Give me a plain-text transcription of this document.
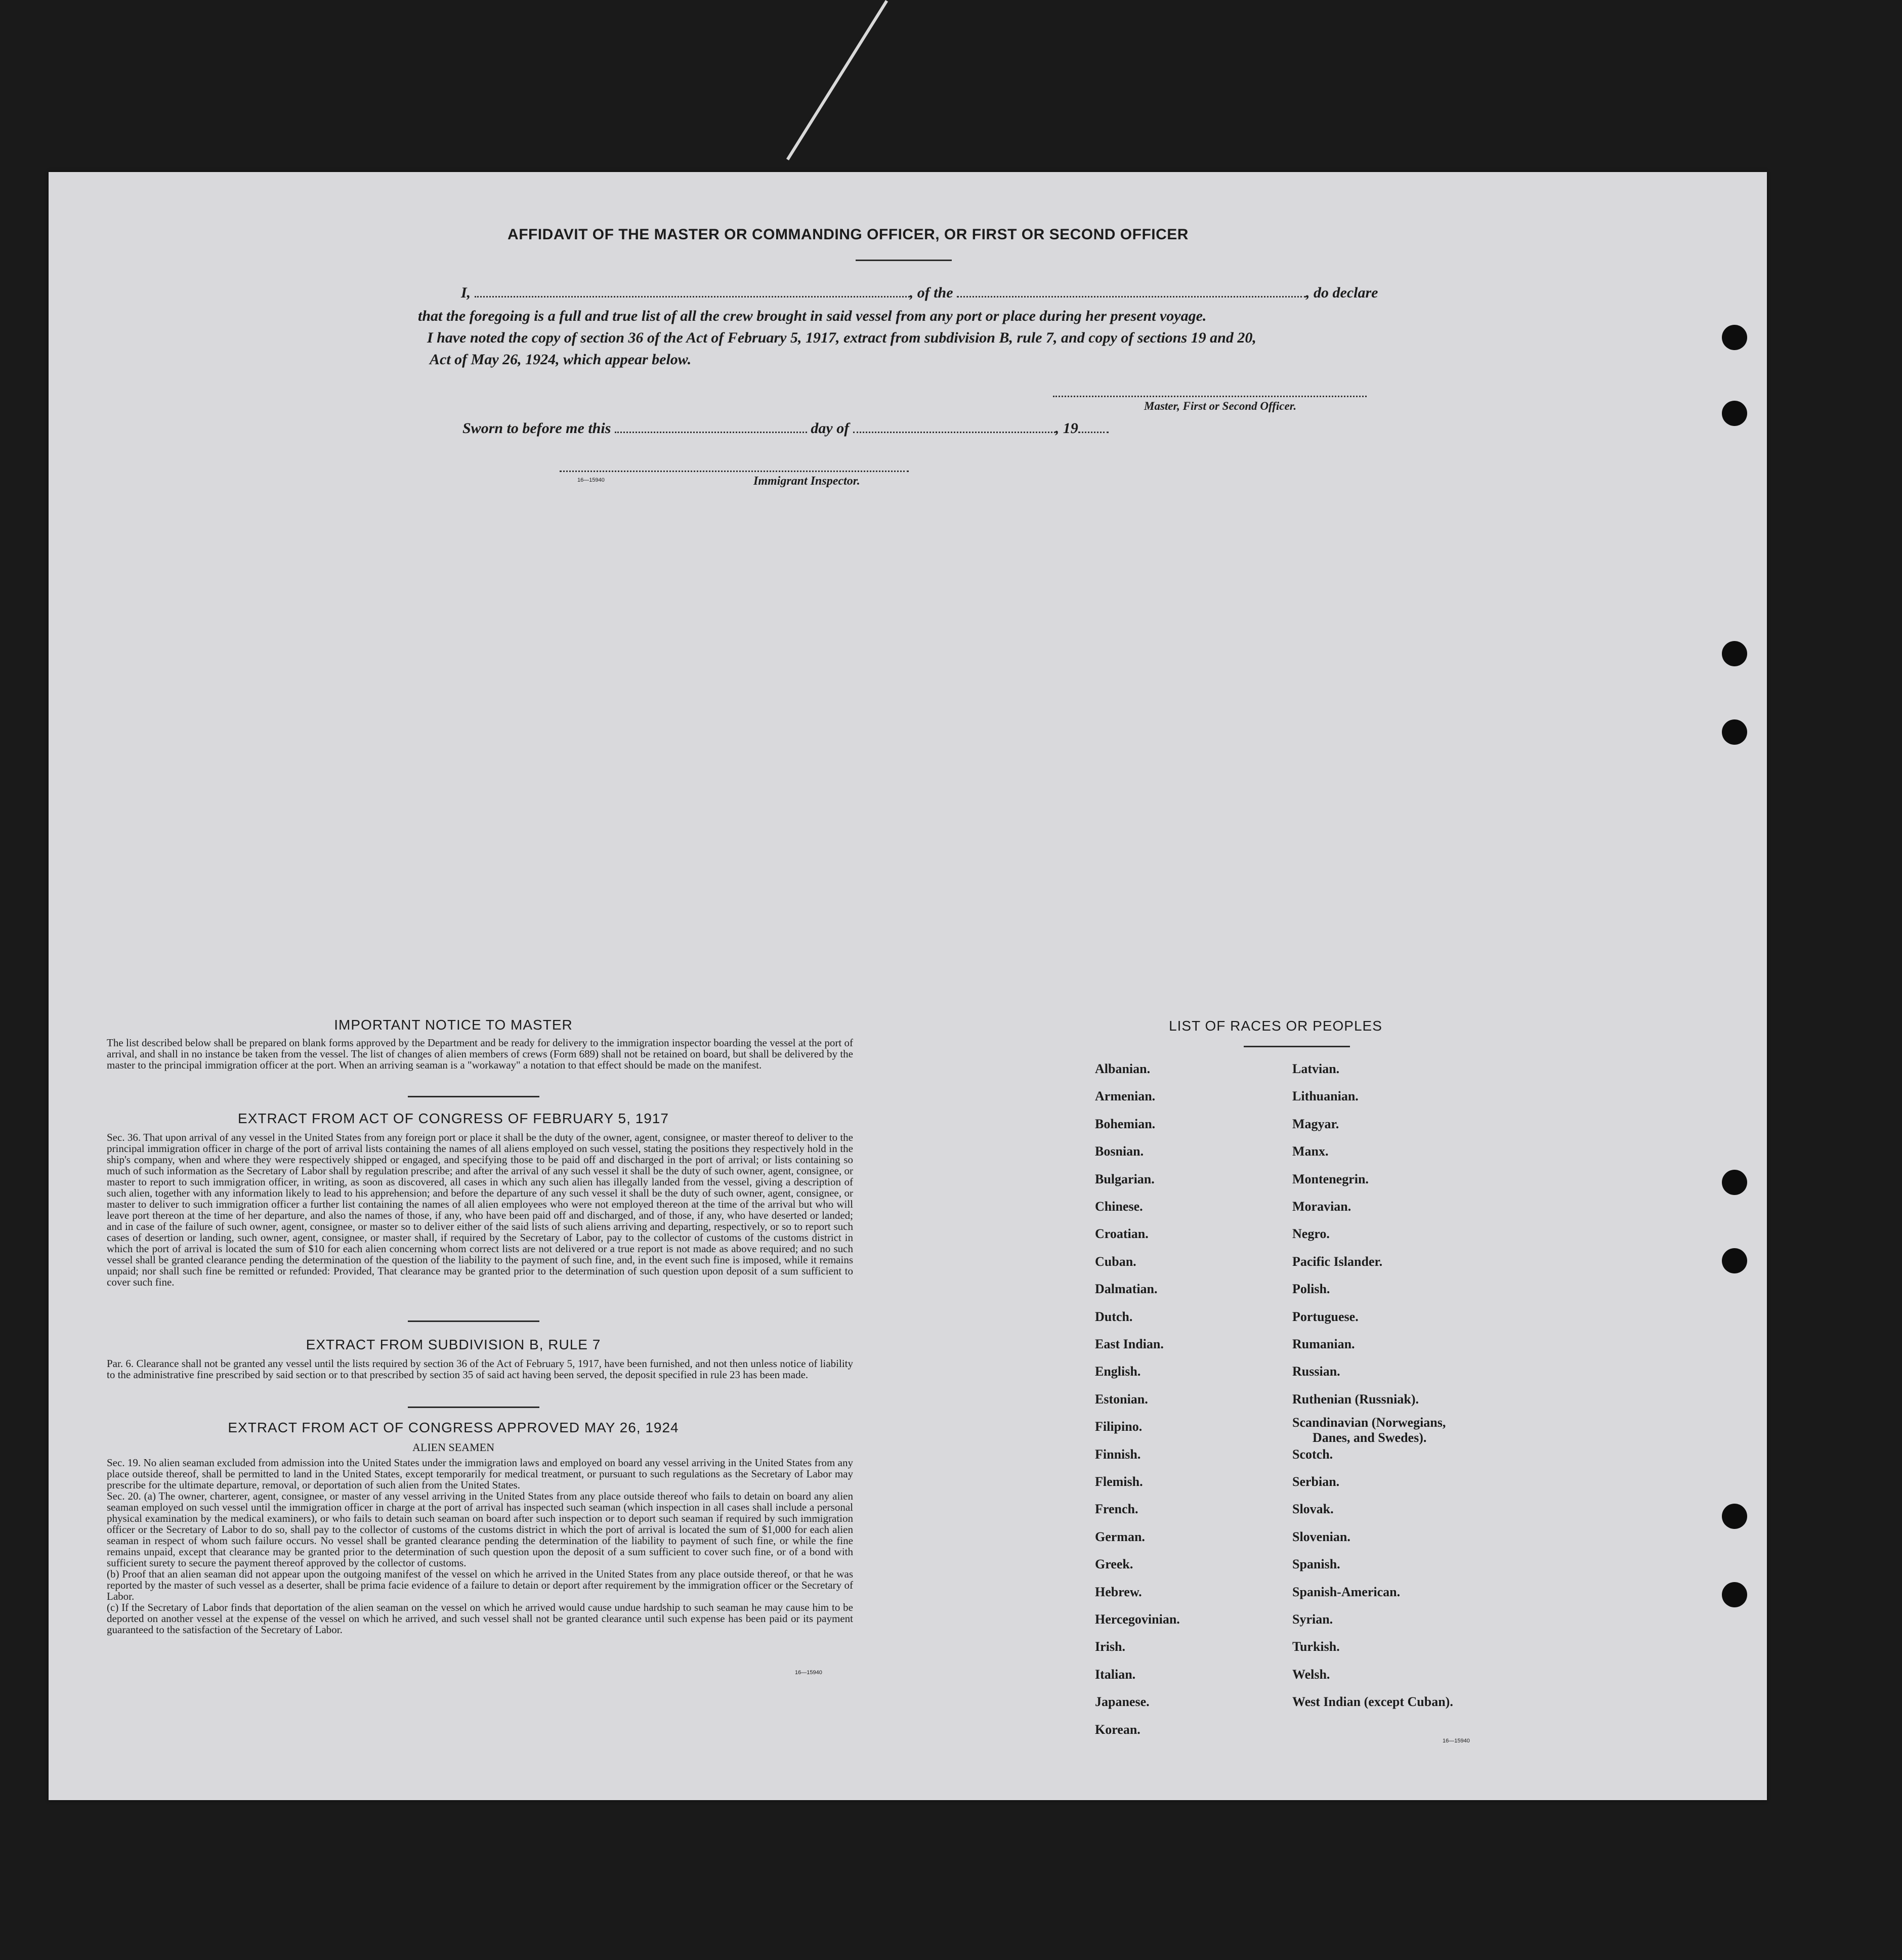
AFFIDAVIT OF THE MASTER OR COMMANDING OFFICER, OR FIRST OR SECOND OFFICER
I,	, of the	, do declare
that the foregoing is a full and true list of all the crew brought in said vessel from any port or place during her present voyage.
I have noted the copy of section 36 of the Act of February 5, 1917, extract from subdivision B, rule 7, and copy of sections 19 and 20,
Act of May 26, 1924, which appear below.
Master, First or Second Officer.
Sworn to before me this	day of	, 19
16—15940	Immigrant Inspector.
IMPORTANT NOTICE TO MASTER
The list described below shall be prepared on blank forms approved by the Department and be ready for delivery to the immigration inspector boarding the vessel at the port of arrival, and shall in no instance be taken from the vessel. The list of changes of alien members of crews (Form 689) shall not be retained on board, but shall be delivered by the master to the principal immigration officer at the port. When an arriving seaman is a "workaway" a notation to that effect should be made on the manifest.
EXTRACT FROM ACT OF CONGRESS OF FEBRUARY 5, 1917
Sec. 36. That upon arrival of any vessel in the United States from any foreign port or place it shall be the duty of the owner, agent, consignee, or master thereof to deliver to the principal immigration officer in charge of the port of arrival lists containing the names of all aliens employed on such vessel, stating the positions they respectively hold in the ship's company, when and where they were respectively shipped or engaged, and specifying those to be paid off and discharged in the port of arrival; or lists containing so much of such information as the Secretary of Labor shall by regulation prescribe; and after the arrival of any such vessel it shall be the duty of such owner, agent, consignee, or master to report to such immigration officer, in writing, as soon as discovered, all cases in which any such alien has illegally landed from the vessel, giving a description of such alien, together with any information likely to lead to his apprehension; and before the departure of any such vessel it shall be the duty of such owner, agent, consignee, or master to deliver to such immigration officer a further list containing the names of all alien employees who were not employed thereon at the time of the arrival but who will leave port thereon at the time of her departure, and also the names of those, if any, who have been paid off and discharged, and of those, if any, who have deserted or landed; and in case of the failure of such owner, agent, consignee, or master so to deliver either of the said lists of such aliens arriving and departing, respectively, or so to report such cases of desertion or landing, such owner, agent, consignee, or master shall, if required by the Secretary of Labor, pay to the collector of customs of the customs district in which the port of arrival is located the sum of $10 for each alien concerning whom correct lists are not delivered or a true report is not made as above required; and no such vessel shall be granted clearance pending the determination of the question of the liability to the payment of such fine, and, in the event such fine is imposed, while it remains unpaid; nor shall such fine be remitted or refunded: Provided, That clearance may be granted prior to the determination of such question upon deposit of a sum sufficient to cover such fine.
EXTRACT FROM SUBDIVISION B, RULE 7
Par. 6. Clearance shall not be granted any vessel until the lists required by section 36 of the Act of February 5, 1917, have been furnished, and not then unless notice of liability to the administrative fine prescribed by said section or to that prescribed by section 35 of said act having been served, the deposit specified in rule 23 has been made.
EXTRACT FROM ACT OF CONGRESS APPROVED MAY 26, 1924
ALIEN SEAMEN
Sec. 19. No alien seaman excluded from admission into the United States under the immigration laws and employed on board any vessel arriving in the United States from any place outside thereof, shall be permitted to land in the United States, except temporarily for medical treatment, or pursuant to such regulations as the Secretary of Labor may prescribe for the ultimate departure, removal, or deportation of such alien from the United States.
Sec. 20. (a) The owner, charterer, agent, consignee, or master of any vessel arriving in the United States from any place outside thereof who fails to detain on board any alien seaman employed on such vessel until the immigration officer in charge at the port of arrival has inspected such seaman (which inspection in all cases shall include a personal physical examination by the medical examiners), or who fails to detain such seaman on board after such inspection or to deport such seaman if required by such immigration officer or the Secretary of Labor to do so, shall pay to the collector of customs of the customs district in which the port of arrival is located the sum of $1,000 for each alien seaman in respect of whom such failure occurs. No vessel shall be granted clearance pending the determination of the liability to payment of such fine, or while the fine remains unpaid, except that clearance may be granted prior to the determination of such question upon the deposit of a sum sufficient to cover such fine, or of a bond with sufficient surety to secure the payment thereof approved by the collector of customs.
(b) Proof that an alien seaman did not appear upon the outgoing manifest of the vessel on which he arrived in the United States from any place outside thereof, or that he was reported by the master of such vessel as a deserter, shall be prima facie evidence of a failure to detain or deport after requirement by the immigration officer or the Secretary of Labor.
(c) If the Secretary of Labor finds that deportation of the alien seaman on the vessel on which he arrived would cause undue hardship to such seaman he may cause him to be deported on another vessel at the expense of the vessel on which he arrived, and such vessel shall not be granted clearance until such expense has been paid or its payment guaranteed to the satisfaction of the Secretary of Labor.
16—15940
LIST OF RACES OR PEOPLES
16—15940
Albanian.
Armenian.
Bohemian.
Bosnian.
Bulgarian.
Chinese.
Croatian.
Cuban.
Dalmatian.
Dutch.
East Indian.
English.
Estonian.
Filipino.
Finnish.
Flemish.
French.
German.
Greek.
Hebrew.
Hercegovinian.
Irish.
Italian.
Japanese.
Korean.
Latvian.
Lithuanian.
Magyar.
Manx.
Montenegrin.
Moravian.
Negro.
Pacific Islander.
Polish.
Portuguese.
Rumanian.
Russian.
Ruthenian (Russniak).
Scandinavian (Norwegians,
Danes, and Swedes).
Scotch.
Serbian.
Slovak.
Slovenian.
Spanish.
Spanish-American.
Syrian.
Turkish.
Welsh.
West Indian (except Cuban).
